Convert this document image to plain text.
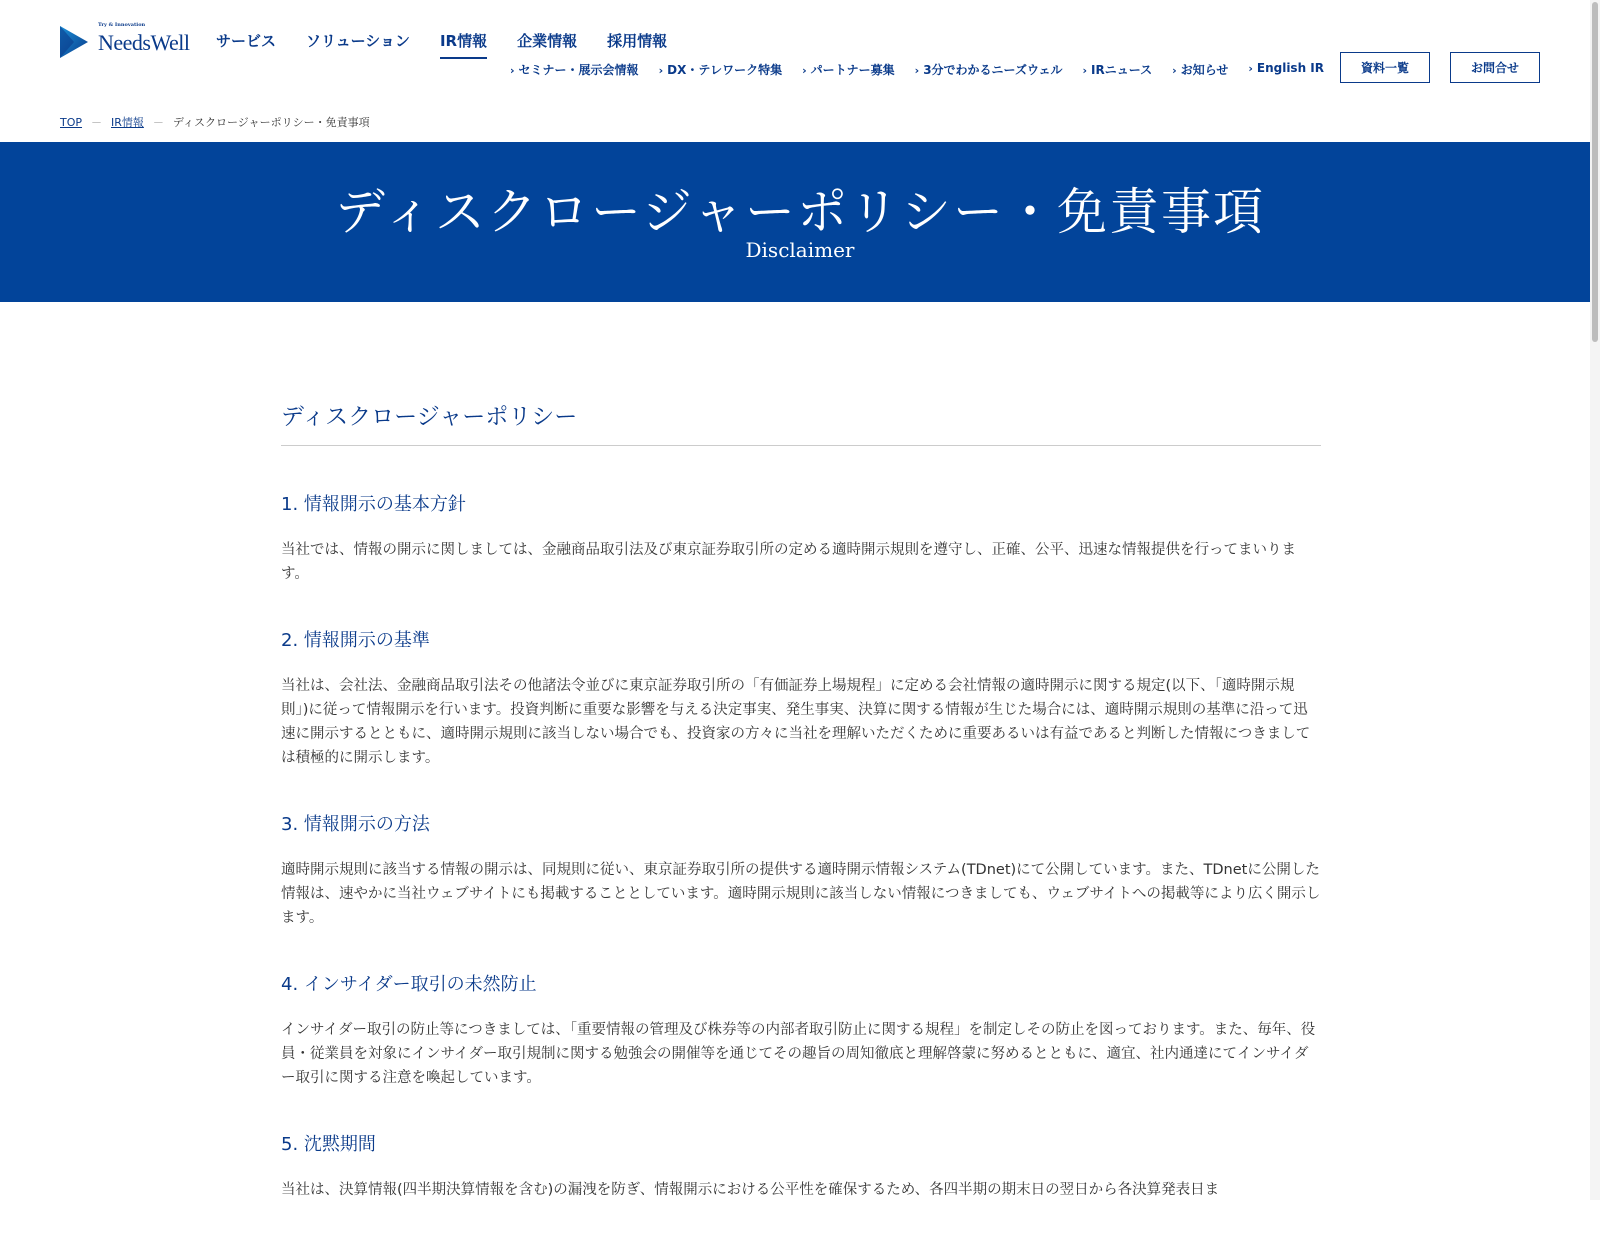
Try & Innovation
NeedsWell サービス ソリューション IR情報 企業情報 採用情報
› セミナー・展示会情報 › DX・テレワーク特集 › パートナー募集 › 3分でわかるニーズウェル › IRニュース › お知らせ › English IR	資料一覧	お問合せ
TOP － IR情報 － ディスクロージャーポリシー・免責事項
ディスクロージャーポリシー・免責事項
Disclaimer
ディスクロージャーポリシー
1. 情報開示の基本方針

当社では、情報の開示に関しましては、金融商品取引法及び東京証券取引所の定める適時開示規則を遵守し、正確、公平、迅速な情報提供を行ってまいります。

2. 情報開示の基準

当社は、会社法、金融商品取引法その他諸法令並びに東京証券取引所の「有価証券上場規程」に定める会社情報の適時開示に関する規定(以下、「適時開示規則」)に従って情報開示を行います。投資判断に重要な影響を与える決定事実、発生事実、決算に関する情報が生じた場合には、適時開示規則の基準に沿って迅速に開示するとともに、適時開示規則に該当しない場合でも、投資家の方々に当社を理解いただくために重要あるいは有益であると判断した情報につきましては積極的に開示します。

3. 情報開示の方法

適時開示規則に該当する情報の開示は、同規則に従い、東京証券取引所の提供する適時開示情報システム(TDnet)にて公開しています。また、TDnetに公開した情報は、速やかに当社ウェブサイトにも掲載することとしています。適時開示規則に該当しない情報につきましても、ウェブサイトへの掲載等により広く開示します。

4. インサイダー取引の未然防止

インサイダー取引の防止等につきましては、「重要情報の管理及び株券等の内部者取引防止に関する規程」を制定しその防止を図っております。また、毎年、役員・従業員を対象にインサイダー取引規制に関する勉強会の開催等を通じてその趣旨の周知徹底と理解啓蒙に努めるとともに、適宜、社内通達にてインサイダー取引に関する注意を喚起しています。

5. 沈黙期間

当社は、決算情報(四半期決算情報を含む)の漏洩を防ぎ、情報開示における公平性を確保するため、各四半期の期末日の翌日から各決算発表日ま
